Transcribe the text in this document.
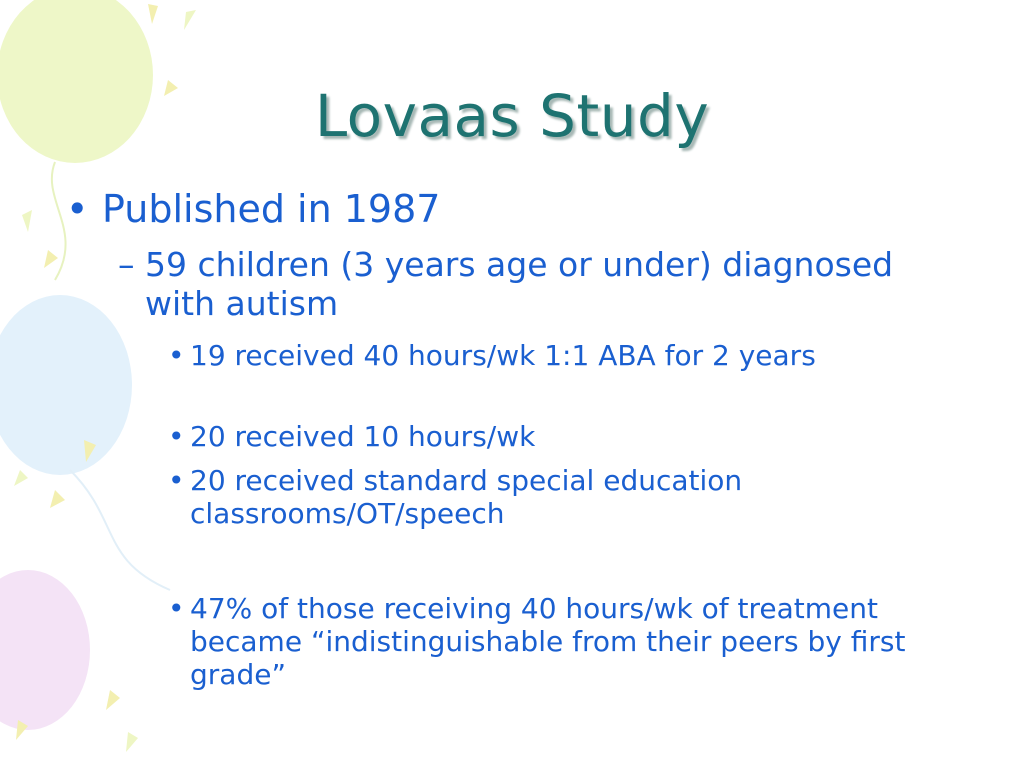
Lovaas Study
• Published in 1987
– 59 children (3 years age or under) diagnosed with autism
• 19 received 40 hours/wk 1:1 ABA for 2 years
• 20 received 10 hours/wk
• 20 received standard special education classrooms/OT/speech
• 47% of those receiving 40 hours/wk of treatment became “indistinguishable from their peers by first grade”
